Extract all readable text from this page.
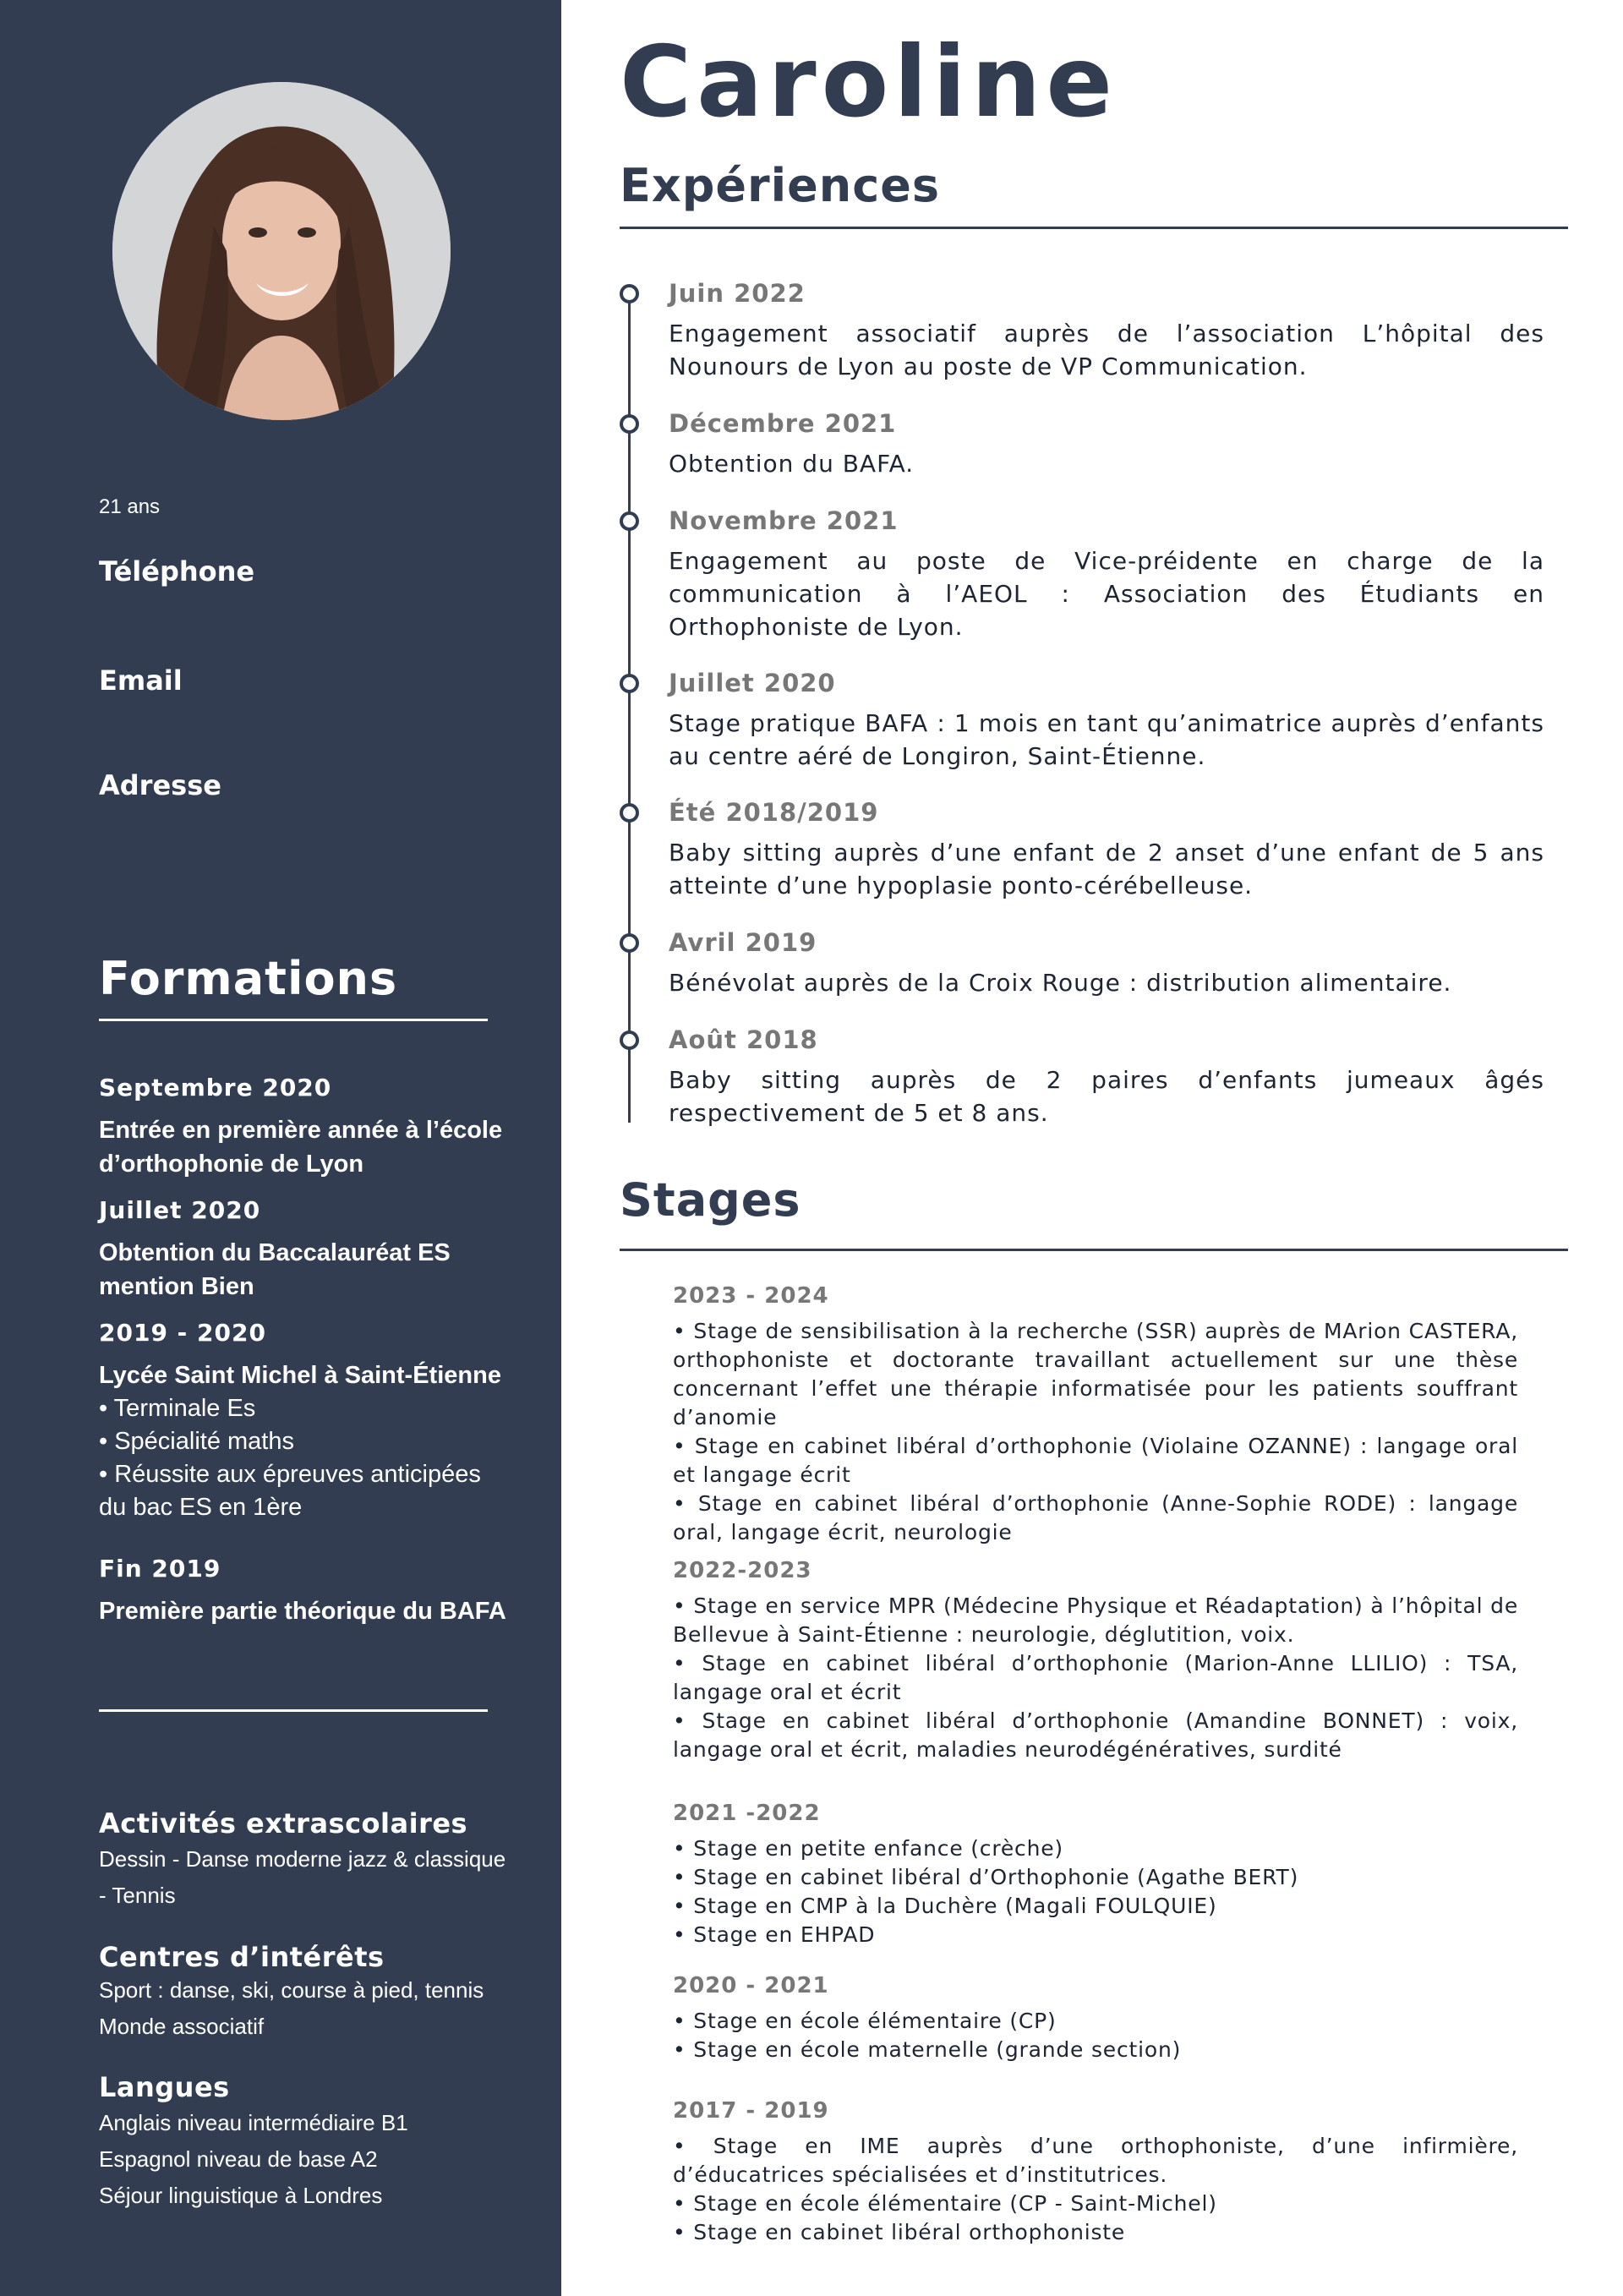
21 ans
Téléphone
Email
Adresse
Formations
Septembre 2020
Entrée en première année à l’école d’orthophonie de Lyon
Juillet 2020
Obtention du Baccalauréat ES mention Bien
2019 - 2020
Lycée Saint Michel à Saint-Étienne
• Terminale Es
• Spécialité maths
• Réussite aux épreuves anticipées du bac ES en 1ère
Fin 2019
Première partie théorique du BAFA
Activités extrascolaires
Dessin - Danse moderne jazz & classique - Tennis
Centres d’intérêts
Sport : danse, ski, course à pied, tennis
Monde associatif
Langues
Anglais niveau intermédiaire B1
Espagnol niveau de base A2
Séjour linguistique à Londres
Caroline
Expériences
Juin 2022
Engagement associatif auprès de l’association L’hôpital des Nounours de Lyon au poste de VP Communication.
Décembre 2021
Obtention du BAFA.
Novembre 2021
Engagement au poste de Vice-préidente en charge de la communication à l’AEOL : Association des Étudiants en Orthophoniste de Lyon.
Juillet 2020
Stage pratique BAFA : 1 mois en tant qu’animatrice auprès d’enfants au centre aéré de Longiron, Saint-Étienne.
Été 2018/2019
Baby sitting auprès d’une enfant de 2 anset d’une enfant de 5 ans atteinte d’une hypoplasie ponto-cérébelleuse.
Avril 2019
Bénévolat auprès de la Croix Rouge : distribution alimentaire.
Août 2018
Baby sitting auprès de 2 paires d’enfants jumeaux âgés respectivement de 5 et 8 ans.
Stages
2023 - 2024
• Stage de sensibilisation à la recherche (SSR) auprès de MArion CASTERA, orthophoniste et doctorante travaillant actuellement sur une thèse concernant l’effet une thérapie informatisée pour les patients souffrant d’anomie
• Stage en cabinet libéral d’orthophonie (Violaine OZANNE) : langage oral et langage écrit
• Stage en cabinet libéral d’orthophonie (Anne-Sophie RODE) : langage oral, langage écrit, neurologie
2022-2023
• Stage en service MPR (Médecine Physique et Réadaptation) à l’hôpital de Bellevue à Saint-Étienne : neurologie, déglutition, voix.
• Stage en cabinet libéral d’orthophonie (Marion-Anne LLILIO) : TSA, langage oral et écrit
• Stage en cabinet libéral d’orthophonie (Amandine BONNET) : voix, langage oral et écrit, maladies neurodégénératives, surdité
2021 -2022
• Stage en petite enfance (crèche)
• Stage en cabinet libéral d’Orthophonie (Agathe BERT)
• Stage en CMP à la Duchère (Magali FOULQUIE)
• Stage en EHPAD
2020 - 2021
• Stage en école élémentaire (CP)
• Stage en école maternelle (grande section)
2017 - 2019
• Stage en IME auprès d’une orthophoniste, d’une infirmière, d’éducatrices spécialisées et d’institutrices.
• Stage en école élémentaire (CP - Saint-Michel)
• Stage en cabinet libéral orthophoniste
